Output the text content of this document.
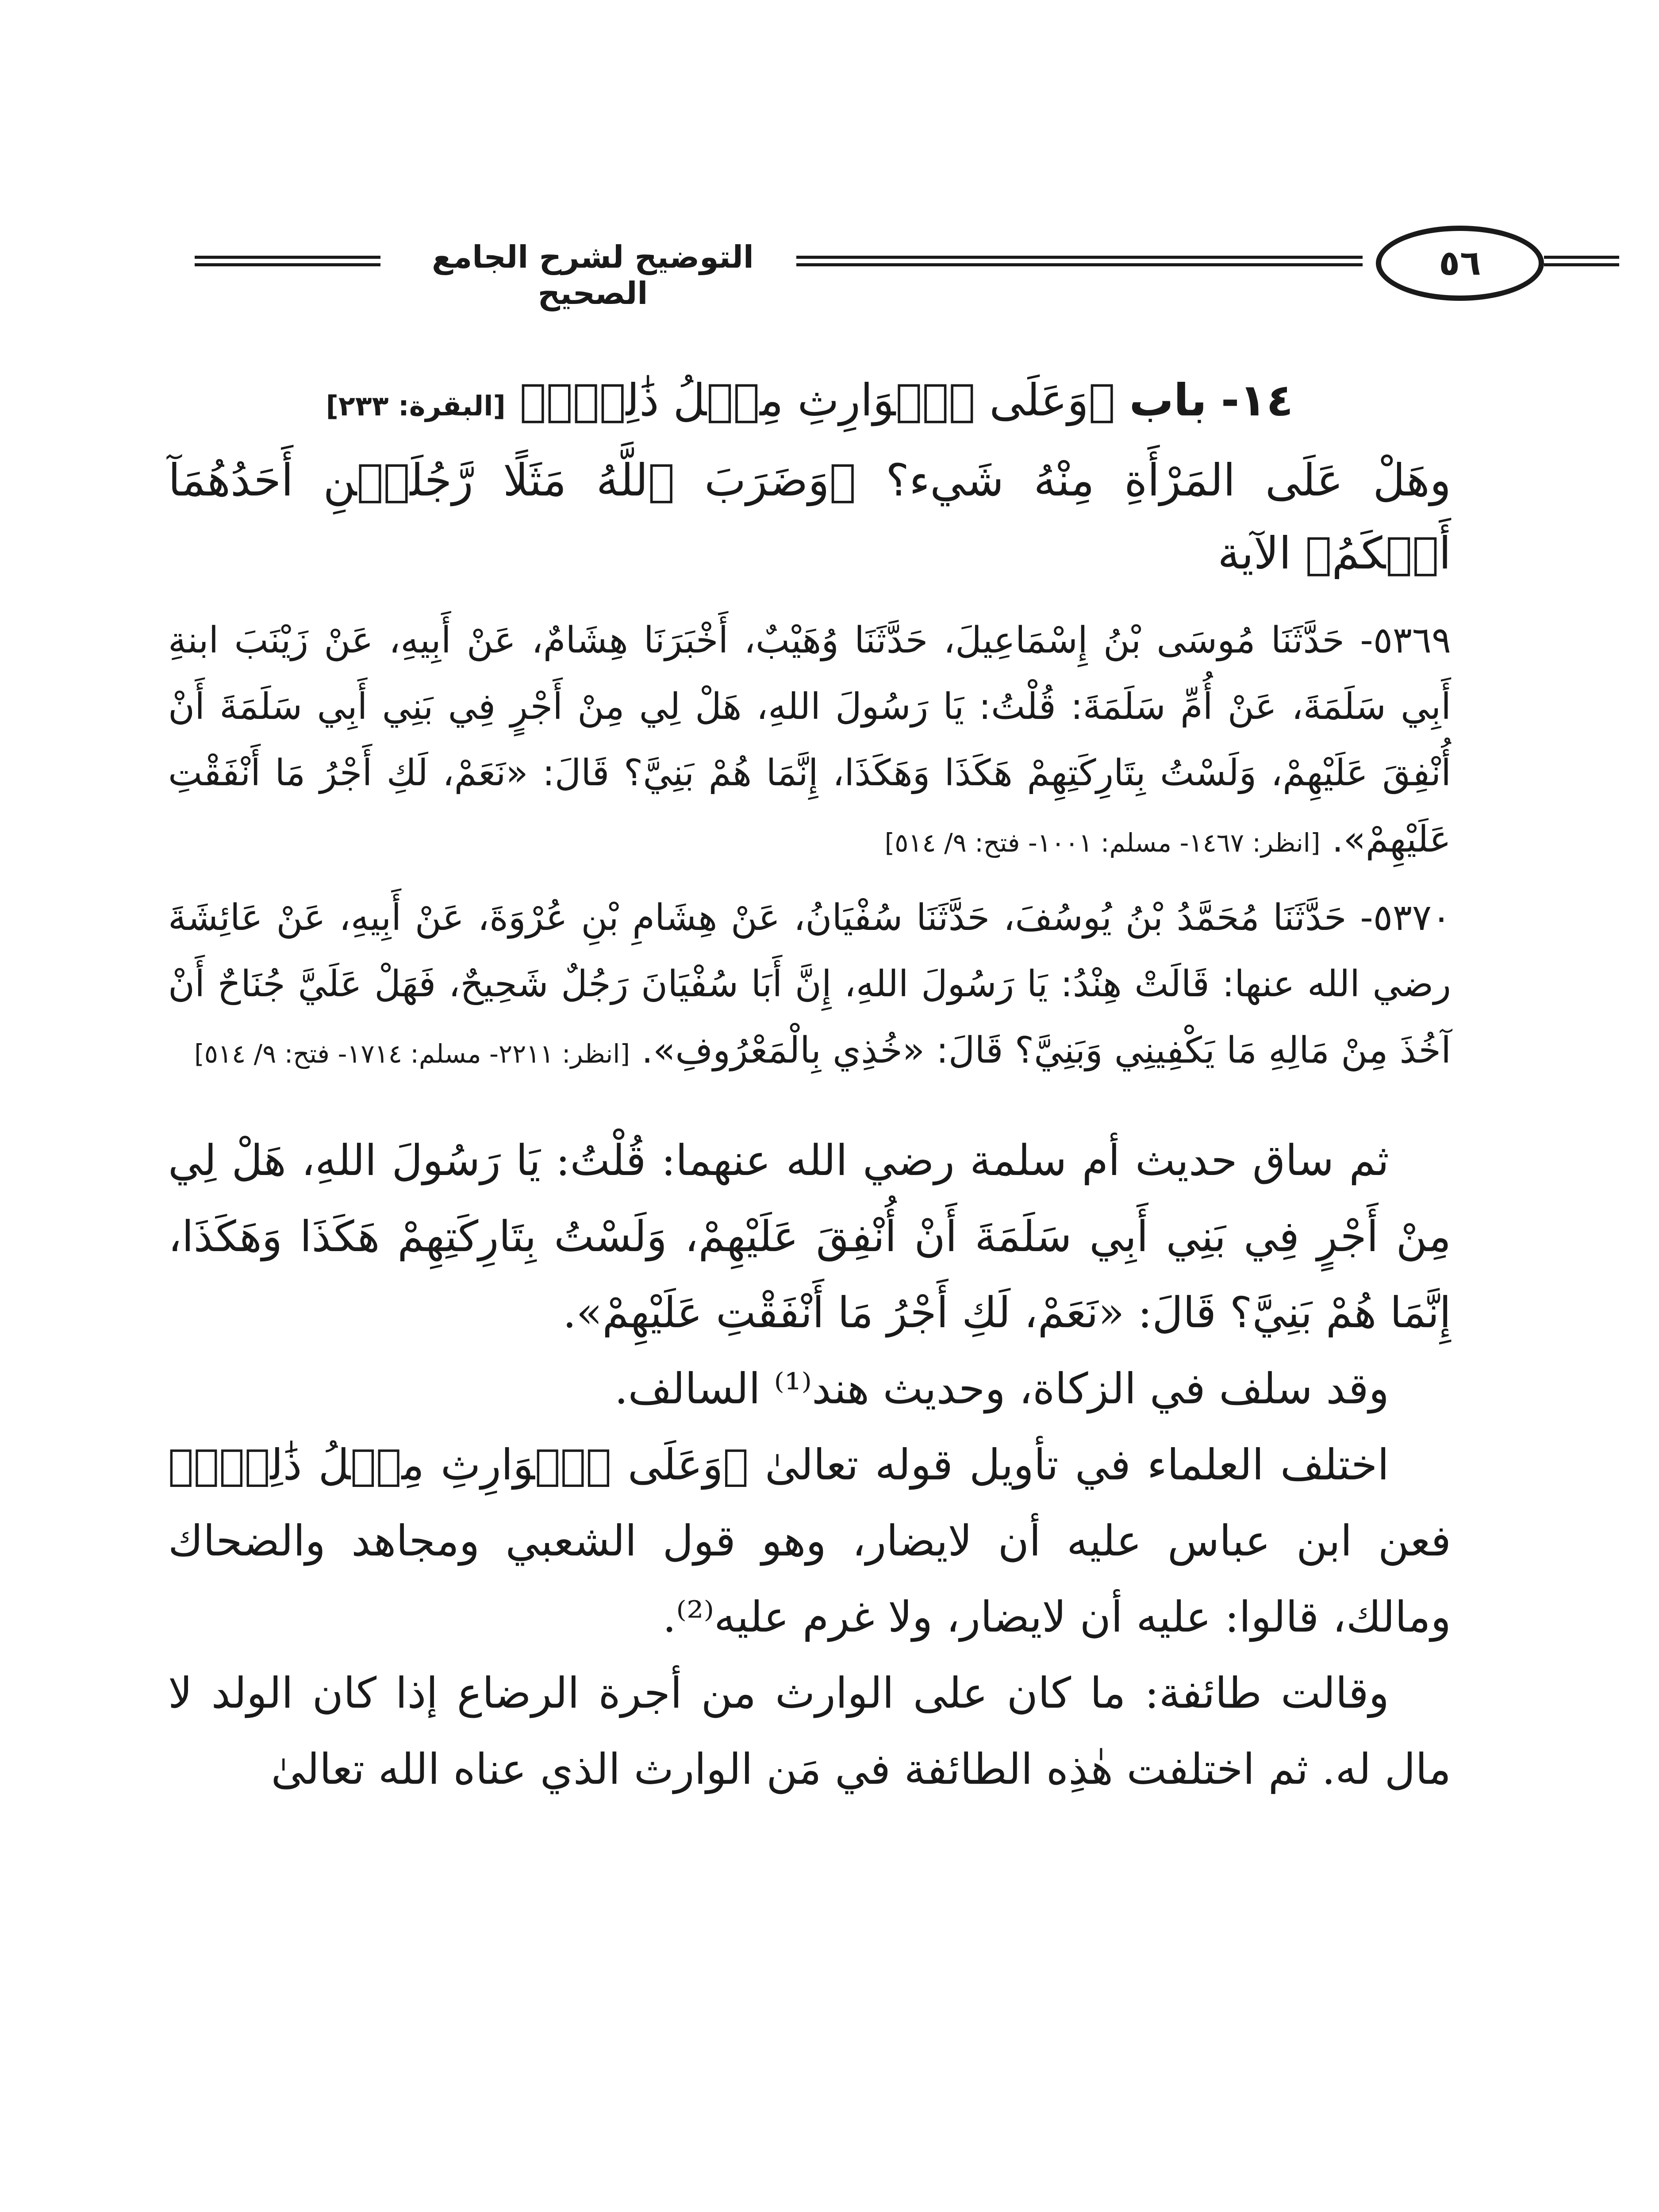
التوضيح لشرح الجامع الصحيح
٥٦

١٤- باب ﴿وَعَلَى ٱلۡوَارِثِ مِثۡلُ ذَٰلِكَۗ﴾ [البقرة: ٢٣٣]

وهَلْ عَلَى المَرْأَةِ مِنْهُ شَيء؟ ﴿وَضَرَبَ ٱللَّهُ مَثَلًا رَّجُلَيۡنِ أَحَدُهُمَآ أَبۡكَمُ﴾ الآية

٥٣٦٩- حَدَّثَنَا مُوسَى بْنُ إِسْمَاعِيلَ، حَدَّثَنَا وُهَيْبٌ، أَخْبَرَنَا هِشَامٌ، عَنْ أَبِيهِ، عَنْ زَيْنَبَ ابنةِ أَبِي سَلَمَةَ، عَنْ أُمِّ سَلَمَةَ: قُلْتُ: يَا رَسُولَ اللهِ، هَلْ لِي مِنْ أَجْرٍ فِي بَنِي أَبِي سَلَمَةَ أَنْ أُنْفِقَ عَلَيْهِمْ، وَلَسْتُ بِتَارِكَتِهِمْ هَكَذَا وَهَكَذَا، إِنَّمَا هُمْ بَنِيَّ؟ قَالَ: «نَعَمْ، لَكِ أَجْرُ مَا أَنْفَقْتِ عَلَيْهِمْ». [انظر: ١٤٦٧- مسلم: ١٠٠١- فتح: ٩/ ٥١٤]

٥٣٧٠- حَدَّثَنَا مُحَمَّدُ بْنُ يُوسُفَ، حَدَّثَنَا سُفْيَانُ، عَنْ هِشَامِ بْنِ عُرْوَةَ، عَنْ أَبِيهِ، عَنْ عَائِشَةَ رضي الله عنها: قَالَتْ هِنْدُ: يَا رَسُولَ اللهِ، إِنَّ أَبَا سُفْيَانَ رَجُلٌ شَحِيحٌ، فَهَلْ عَلَيَّ جُنَاحٌ أَنْ آخُذَ مِنْ مَالِهِ مَا يَكْفِينِي وَبَنِيَّ؟ قَالَ: «خُذِي بِالْمَعْرُوفِ». [انظر: ٢٢١١- مسلم: ١٧١٤- فتح: ٩/ ٥١٤]

ثم ساق حديث أم سلمة رضي الله عنهما: قُلْتُ: يَا رَسُولَ اللهِ، هَلْ لِي مِنْ أَجْرٍ فِي بَنِي أَبِي سَلَمَةَ أَنْ أُنْفِقَ عَلَيْهِمْ، وَلَسْتُ بِتَارِكَتِهِمْ هَكَذَا وَهَكَذَا، إِنَّمَا هُمْ بَنِيَّ؟ قَالَ: «نَعَمْ، لَكِ أَجْرُ مَا أَنْفَقْتِ عَلَيْهِمْ».

وقد سلف في الزكاة، وحديث هند⁽¹⁾ السالف.

اختلف العلماء في تأويل قوله تعالىٰ ﴿وَعَلَى ٱلۡوَارِثِ مِثۡلُ ذَٰلِكَۗ﴾ فعن ابن عباس عليه أن لايضار، وهو قول الشعبي ومجاهد والضحاك ومالك، قالوا: عليه أن لايضار، ولا غرم عليه⁽²⁾.

وقالت طائفة: ما كان على الوارث من أجرة الرضاع إذا كان الولد لا مال له. ثم اختلفت هٰذِه الطائفة في مَن الوارث الذي عناه الله تعالىٰ
